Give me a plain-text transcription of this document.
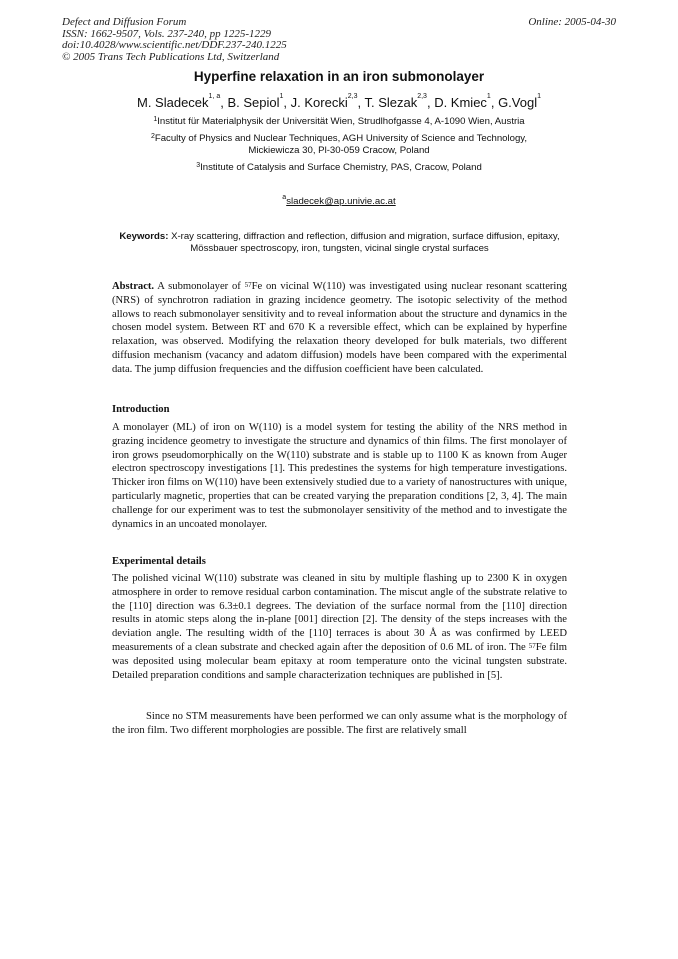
Defect and Diffusion Forum
ISSN: 1662-9507, Vols. 237-240, pp 1225-1229
doi:10.4028/www.scientific.net/DDF.237-240.1225
© 2005 Trans Tech Publications Ltd, Switzerland
Online: 2005-04-30
Hyperfine relaxation in an iron submonolayer
M. Sladecek$^{1, a}$, B. Sepiol$^1$, J. Korecki$^{2,3}$, T. Slezak$^{2,3}$, D. Kmiec$^1$, G.Vogl$^1$
$^1$Institut für Materialphysik der Universität Wien, Strudlhofgasse 4, A-1090 Wien, Austria
$^2$Faculty of Physics and Nuclear Techniques, AGH University of Science and Technology,
Mickiewicza 30, Pl-30-059 Cracow, Poland
$^3$Institute of Catalysis and Surface Chemistry, PAS, Cracow, Poland
$^a$sladecek@ap.univie.ac.at
Keywords: X-ray scattering, diffraction and reflection, diffusion and migration, surface diffusion, epitaxy, Mössbauer spectroscopy, iron, tungsten, vicinal single crystal surfaces
Abstract. A submonolayer of $^{57}$Fe on vicinal W(110) was investigated using nuclear resonant scattering (NRS) of synchrotron radiation in grazing incidence geometry. The isotopic selectivity of the method allows to reach submonolayer sensitivity and to reveal information about the structure and dynamics in the chosen model system. Between RT and 670 K a reversible effect, which can be explained by hyperfine relaxation, was observed. Modifying the relaxation theory developed for bulk materials, two different diffusion mechanism (vacancy and adatom diffusion) models have been compared with the experimental data. The jump diffusion frequencies and the diffusion coefficient have been calculated.
Introduction
A monolayer (ML) of iron on W(110) is a model system for testing the ability of the NRS method in grazing incidence geometry to investigate the structure and dynamics of thin films. The first monolayer of iron grows pseudomorphically on the W(110) substrate and is stable up to 1100 K as known from Auger electron spectroscopy investigations [1]. This predestines the systems for high temperature investigations. Thicker iron films on W(110) have been extensively studied due to a variety of nanostructures with unique, particularly magnetic, properties that can be created varying the preparation conditions [2, 3, 4]. The main challenge for our experiment was to test the submonolayer sensitivity of the method and to investigate the dynamics in an uncoated monolayer.
Experimental details
The polished vicinal W(110) substrate was cleaned in situ by multiple flashing up to 2300 K in oxygen atmosphere in order to remove residual carbon contamination. The miscut angle of the substrate relative to the [110] direction was 6.3±0.1 degrees. The deviation of the surface normal from the [110] direction results in atomic steps along the in-plane [001] direction [2]. The density of the steps increases with the deviation angle. The resulting width of the [110] terraces is about 30 Å as was confirmed by LEED measurements of a clean substrate and checked again after the deposition of 0.6 ML of iron. The $^{57}$Fe film was deposited using molecular beam epitaxy at room temperature onto the vicinal tungsten substrate. Detailed preparation conditions and sample characterization techniques are published in [5].
Since no STM measurements have been performed we can only assume what is the morphology of the iron film. Two different morphologies are possible. The first are relatively small
